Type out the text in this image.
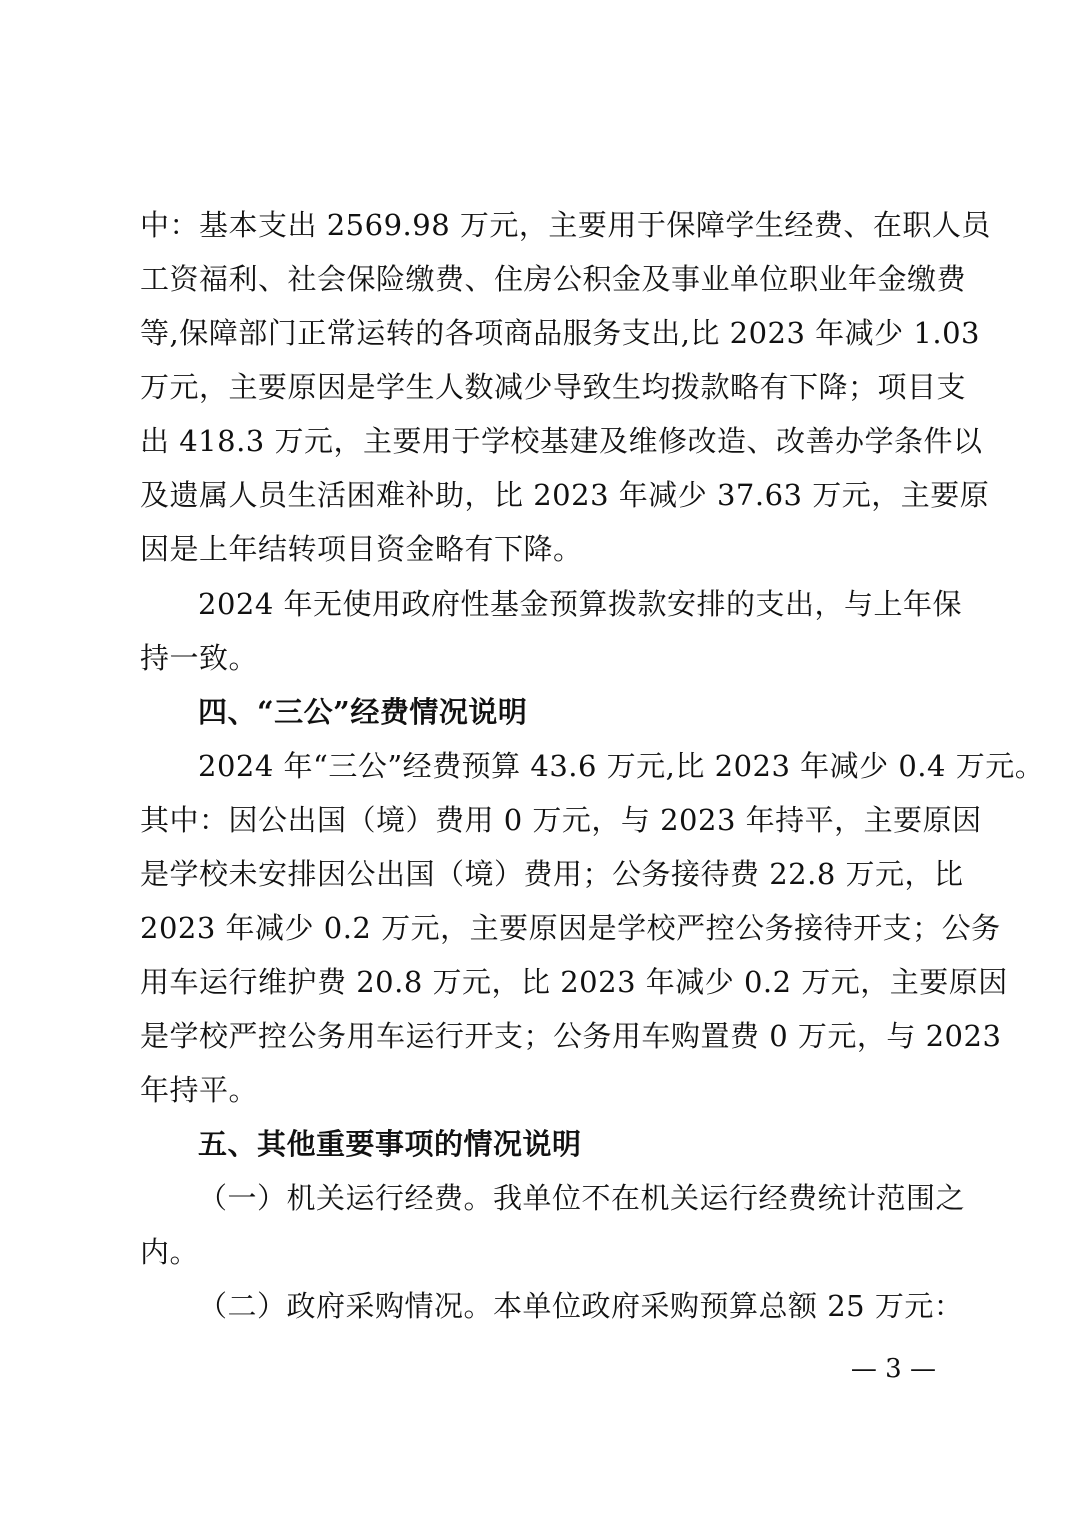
中：基本支出 2569.98 万元，主要用于保障学生经费、在职人员
工资福利、社会保险缴费、住房公积金及事业单位职业年金缴费
等,保障部门正常运转的各项商品服务支出,比 2023 年减少 1.03
万元，主要原因是学生人数减少导致生均拨款略有下降；项目支
出 418.3 万元，主要用于学校基建及维修改造、改善办学条件以
及遗属人员生活困难补助，比 2023 年减少 37.63 万元，主要原
因是上年结转项目资金略有下降。
2024 年无使用政府性基金预算拨款安排的支出，与上年保
持一致。
四、“三公”经费情况说明
2024 年“三公”经费预算 43.6 万元,比 2023 年减少 0.4 万元。
其中：因公出国（境）费用 0 万元，与 2023 年持平，主要原因
是学校未安排因公出国（境）费用；公务接待费 22.8 万元，比
2023 年减少 0.2 万元，主要原因是学校严控公务接待开支；公务
用车运行维护费 20.8 万元，比 2023 年减少 0.2 万元，主要原因
是学校严控公务用车运行开支；公务用车购置费 0 万元，与 2023
年持平。
五、其他重要事项的情况说明
（一）机关运行经费。我单位不在机关运行经费统计范围之
内。
（二）政府采购情况。本单位政府采购预算总额 25 万元：
— 3 —
